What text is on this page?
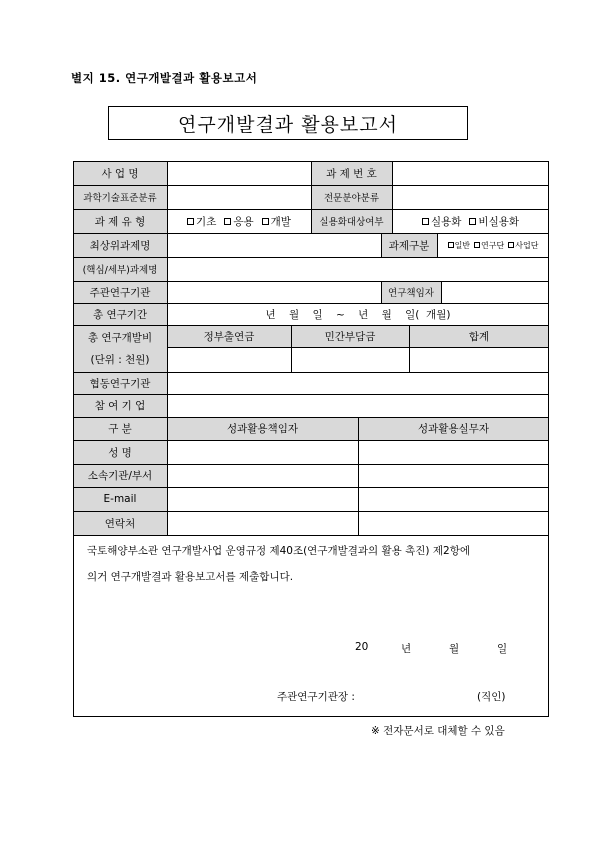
별지 15. 연구개발결과 활용보고서
연구개발결과 활용보고서
사 업 명	과 제 번 호
과학기술표준분류	전문분야분류
과 제 유 형	기초 응용 개발	실용화대상여부	실용화 비실용화
최상위과제명	과제구분	일반 연구단 사업단
(핵심/세부)과제명
주관연구기관	연구책임자
총 연구기간	년    월    일    ~    년    월    일(  개월)
총 연구개발비
(단위 : 천원)
정부출연금	민간부담금	합계
협동연구기관
참 여 기 업
구 분	성과활용책임자	성과활용실무자
성 명
소속기관/부서
E-mail
연락처
국토해양부소관 연구개발사업 운영규정 제40조(연구개발결과의 활용 촉진) 제2항에
의거 연구개발결과 활용보고서를 제출합니다.
20	년	월	일
주관연구기관장 :	(직인)
※ 전자문서로 대체할 수 있음
